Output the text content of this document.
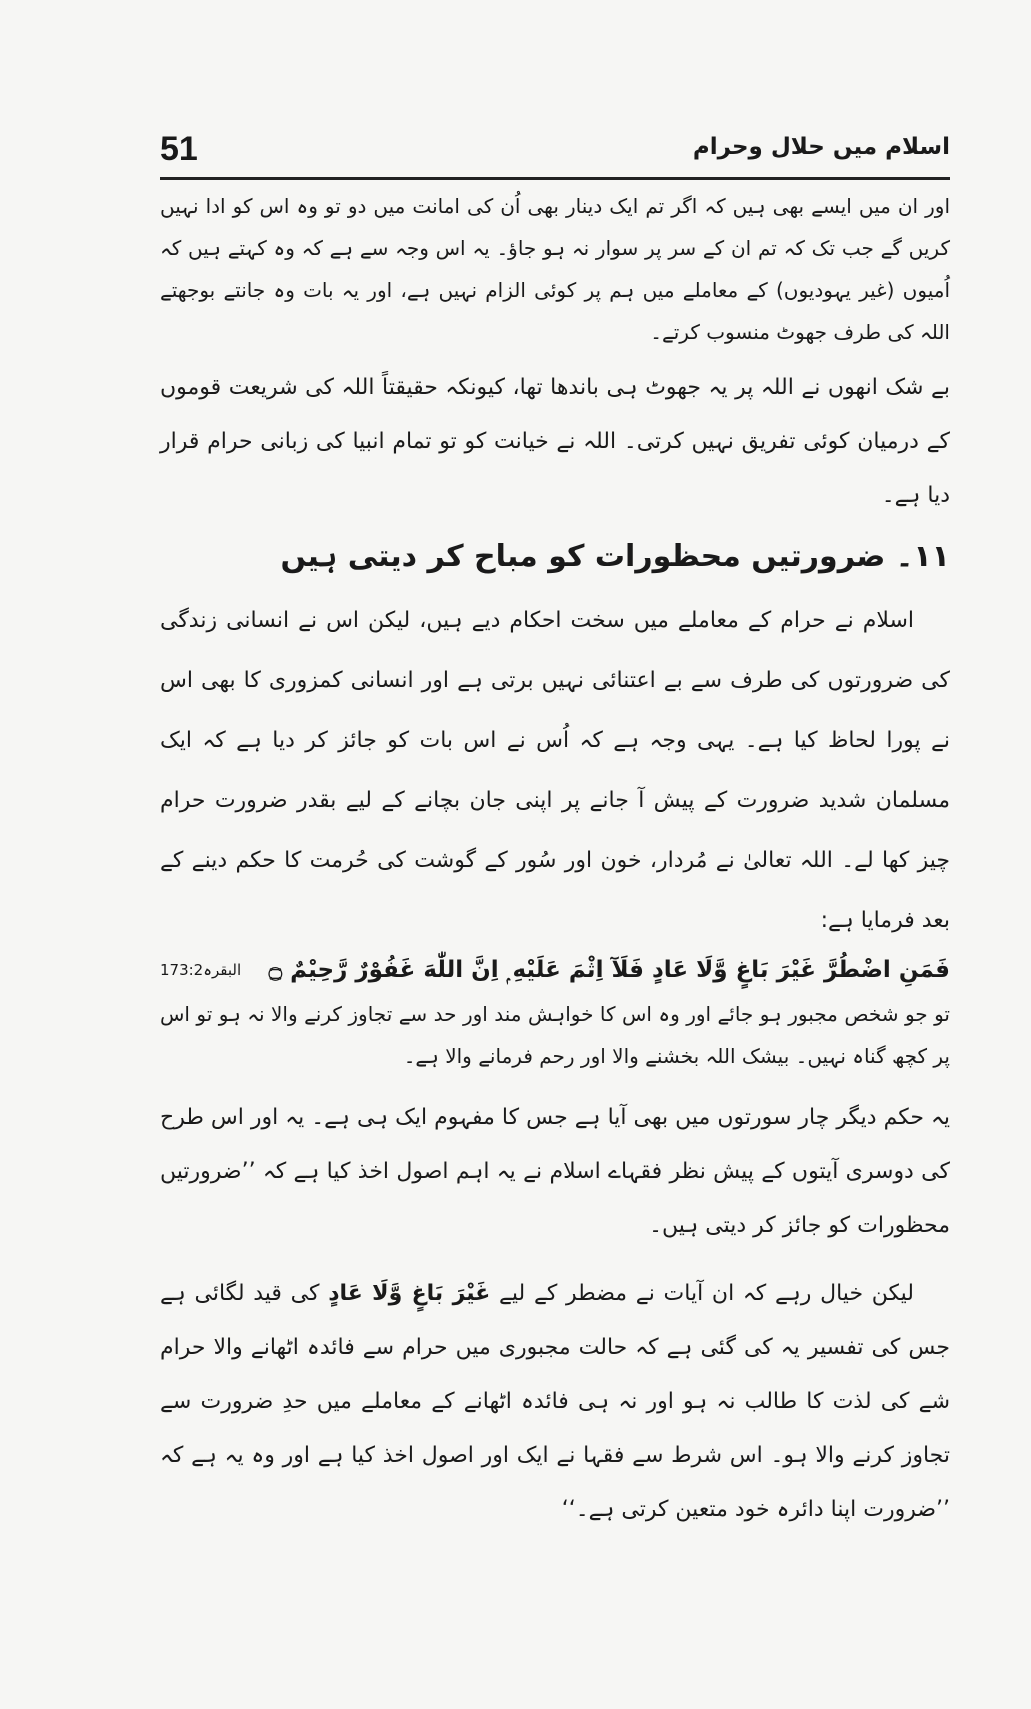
51	اسلام میں حلال وحرام

اور ان میں ایسے بھی ہیں کہ اگر تم ایک دینار بھی اُن کی امانت میں دو تو وہ اس کو ادا نہیں کریں گے جب تک کہ تم ان کے سر پر سوار نہ ہو جاؤ۔ یہ اس وجہ سے ہے کہ وہ کہتے ہیں کہ اُمیوں (غیر یہودیوں) کے معاملے میں ہم پر کوئی الزام نہیں ہے، اور یہ بات وہ جانتے بوجھتے اللہ کی طرف جھوٹ منسوب کرتے۔

بے شک انھوں نے اللہ پر یہ جھوٹ ہی باندھا تھا، کیونکہ حقیقتاً اللہ کی شریعت قوموں کے درمیان کوئی تفریق نہیں کرتی۔ اللہ نے خیانت کو تو تمام انبیا کی زبانی حرام قرار دیا ہے۔

١١۔ ضرورتیں محظورات کو مباح کر دیتی ہیں

اسلام نے حرام کے معاملے میں سخت احکام دیے ہیں، لیکن اس نے انسانی زندگی کی ضرورتوں کی طرف سے بے اعتنائی نہیں برتی ہے اور انسانی کمزوری کا بھی اس نے پورا لحاظ کیا ہے۔ یہی وجہ ہے کہ اُس نے اس بات کو جائز کر دیا ہے کہ ایک مسلمان شدید ضرورت کے پیش آ جانے پر اپنی جان بچانے کے لیے بقدر ضرورت حرام چیز کھا لے۔ اللہ تعالیٰ نے مُردار، خون اور سُور کے گوشت کی حُرمت کا حکم دینے کے بعد فرمایا ہے:

فَمَنِ اضْطُرَّ غَيْرَ بَاغٍ وَّلَا عَادٍ فَلَآ اِثْمَ عَلَيْهِ ۭ اِنَّ اللّٰهَ غَفُوْرٌ رَّحِيْمٌ ۝
البقرہ173:2

تو جو شخص مجبور ہو جائے اور وہ اس کا خواہش مند اور حد سے تجاوز کرنے والا نہ ہو تو اس پر کچھ گناہ نہیں۔ بیشک اللہ بخشنے والا اور رحم فرمانے والا ہے۔

یہ حکم دیگر چار سورتوں میں بھی آیا ہے جس کا مفہوم ایک ہی ہے۔ یہ اور اس طرح کی دوسری آیتوں کے پیش نظر فقہاے اسلام نے یہ اہم اصول اخذ کیا ہے کہ ’’ضرورتیں محظورات کو جائز کر دیتی ہیں۔

لیکن خیال رہے کہ ان آیات نے مضطر کے لیے غَيْرَ بَاغٍ وَّلَا عَادٍ کی قید لگائی ہے جس کی تفسیر یہ کی گئی ہے کہ حالت مجبوری میں حرام سے فائدہ اٹھانے والا حرام شے کی لذت کا طالب نہ ہو اور نہ ہی فائدہ اٹھانے کے معاملے میں حدِ ضرورت سے تجاوز کرنے والا ہو۔ اس شرط سے فقہا نے ایک اور اصول اخذ کیا ہے اور وہ یہ ہے کہ ’’ضرورت اپنا دائرہ خود متعین کرتی ہے۔‘‘
